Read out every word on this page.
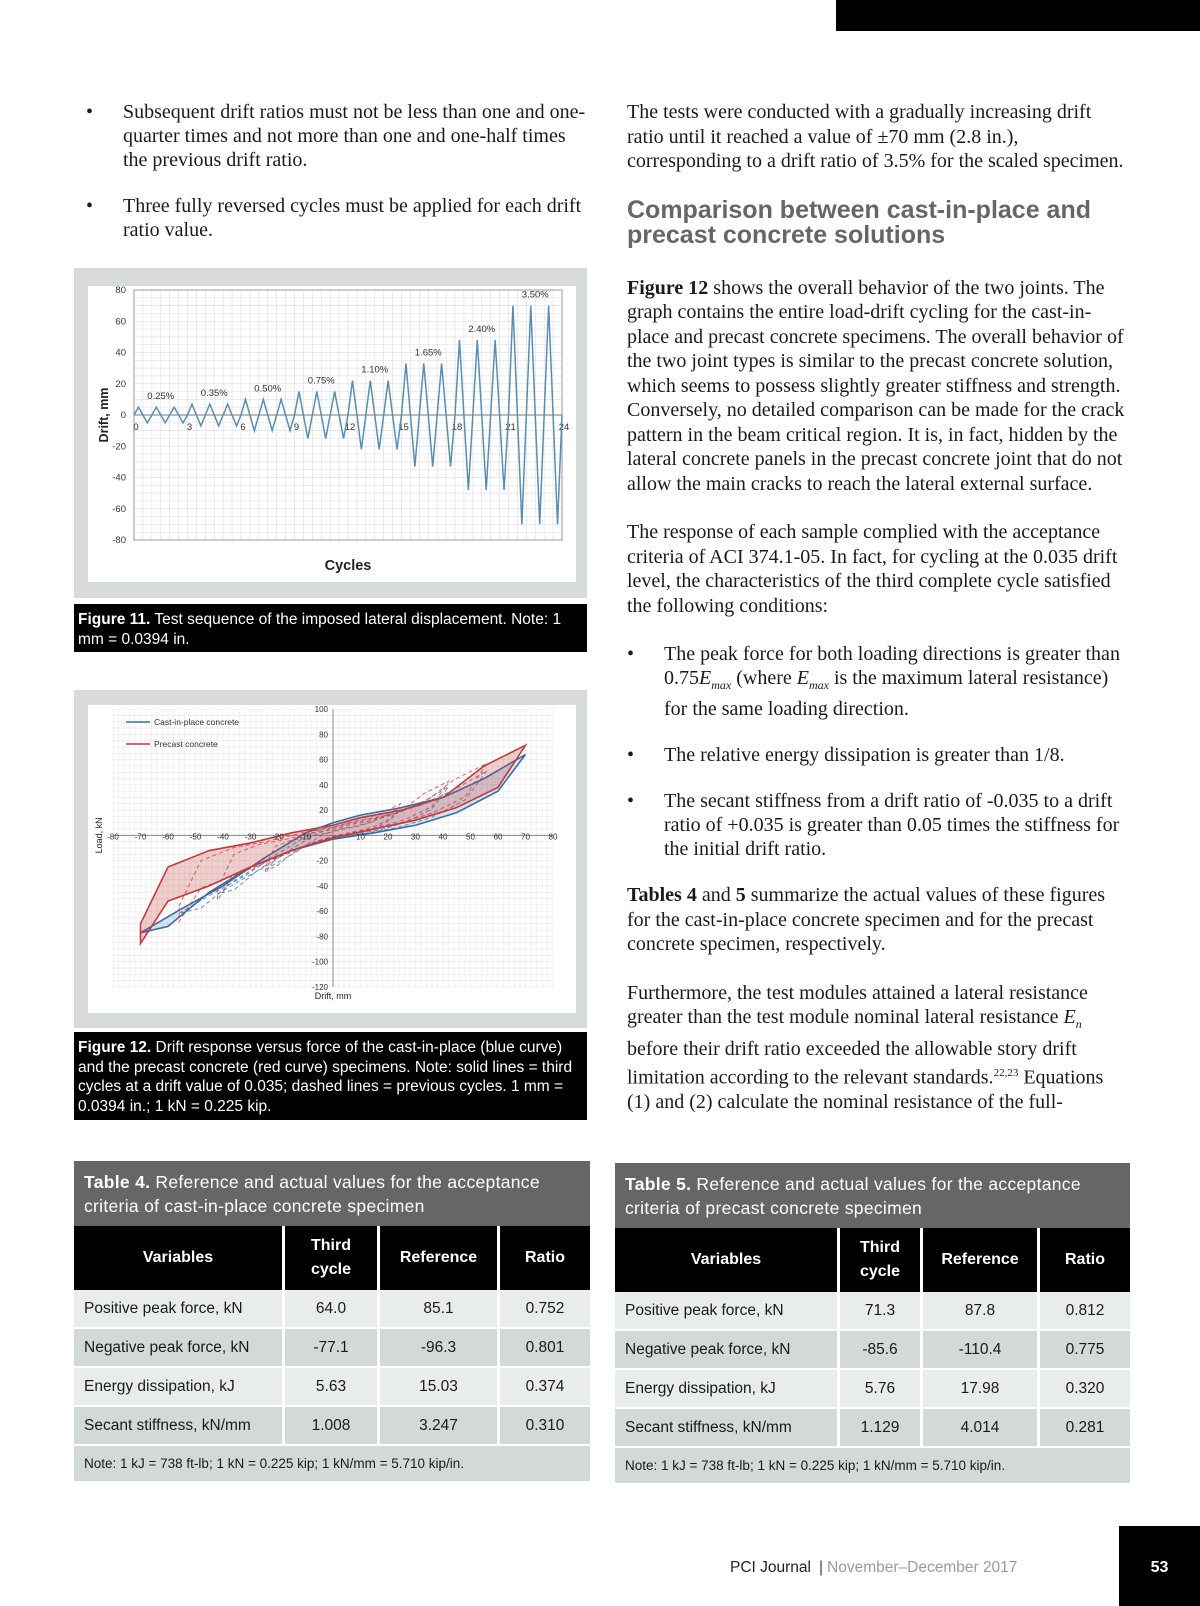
•	Subsequent drift ratios must not be less than one and one-quarter times and not more than one and one-half times the previous drift ratio.
•	Three fully reversed cycles must be applied for each drift ratio value.
80
60
40
20
0
-20
-40
-60
-80
0	3	6	9	12	15	18	21	24
Cycles
Drift, mm	0.25%	0.35%	0.50%
0.75%
1.10%
1.65%
2.40%
3.50%
Figure 11. Test sequence of the imposed lateral displacement. Note: 1 mm = 0.0394 in.
-80 -70 -60 -50 -40 -30 -20 -10	10 20 30 40 50 60 70 80
100
80
60
40
20
-20
-40
-60
-80
-100
-120
Drift, mm
Load, kN
Cast-in-place concrete
Precast concrete
Figure 12. Drift response versus force of the cast-in-place (blue curve) and the precast concrete (red curve) specimens. Note: solid lines = third cycles at a drift value of 0.035; dashed lines = previous cycles. 1 mm = 0.0394 in.; 1 kN = 0.225 kip.

The tests were conducted with a gradually increasing drift ratio until it reached a value of ±70 mm (2.8 in.), corresponding to a drift ratio of 3.5% for the scaled specimen.

Comparison between cast-in-place and precast concrete solutions

Figure 12 shows the overall behavior of the two joints. The graph contains the entire load-drift cycling for the cast-in-place and precast concrete specimens. The overall behavior of the two joint types is similar to the precast concrete solution, which seems to possess slightly greater stiffness and strength. Conversely, no detailed comparison can be made for the crack pattern in the beam critical region. It is, in fact, hidden by the lateral concrete panels in the precast concrete joint that do not allow the main cracks to reach the lateral external surface.

The response of each sample complied with the acceptance criteria of ACI 374.1-05. In fact, for cycling at the 0.035 drift level, the characteristics of the third complete cycle satisfied the following conditions:

•	The peak force for both loading directions is greater than $0.75E_{max}$ (where $E_{max}$ is the maximum lateral resistance) for the same loading direction.
•	The relative energy dissipation is greater than 1/8.
•	The secant stiffness from a drift ratio of -0.035 to a drift ratio of +0.035 is greater than 0.05 times the stiffness for the initial drift ratio.

Tables 4 and 5 summarize the actual values of these figures for the cast-in-place concrete specimen and for the precast concrete specimen, respectively.

Furthermore, the test modules attained a lateral resistance greater than the test module nominal lateral resistance $E_n$ before their drift ratio exceeded the allowable story drift limitation according to the relevant standards.$^{22,23}$ Equations (1) and (2) calculate the nominal resistance of the full-

Table 4. Reference and actual values for the acceptance criteria of cast-in-place concrete specimen
Variables	Third cycle	Reference	Ratio
Positive peak force, kN	64.0	85.1	0.752
Negative peak force, kN	-77.1	-96.3	0.801
Energy dissipation, kJ	5.63	15.03	0.374
Secant stiffness, kN/mm	1.008	3.247	0.310
Note: 1 kJ = 738 ft-lb; 1 kN = 0.225 kip; 1 kN/mm = 5.710 kip/in.
Table 5. Reference and actual values for the acceptance criteria of precast concrete specimen
Variables	Third cycle	Reference	Ratio
Positive peak force, kN	71.3	87.8	0.812
Negative peak force, kN	-85.6	-110.4	0.775
Energy dissipation, kJ	5.76	17.98	0.320
Secant stiffness, kN/mm	1.129	4.014	0.281
Note: 1 kJ = 738 ft-lb; 1 kN = 0.225 kip; 1 kN/mm = 5.710 kip/in.
PCI Journal | November–December 2017	53
